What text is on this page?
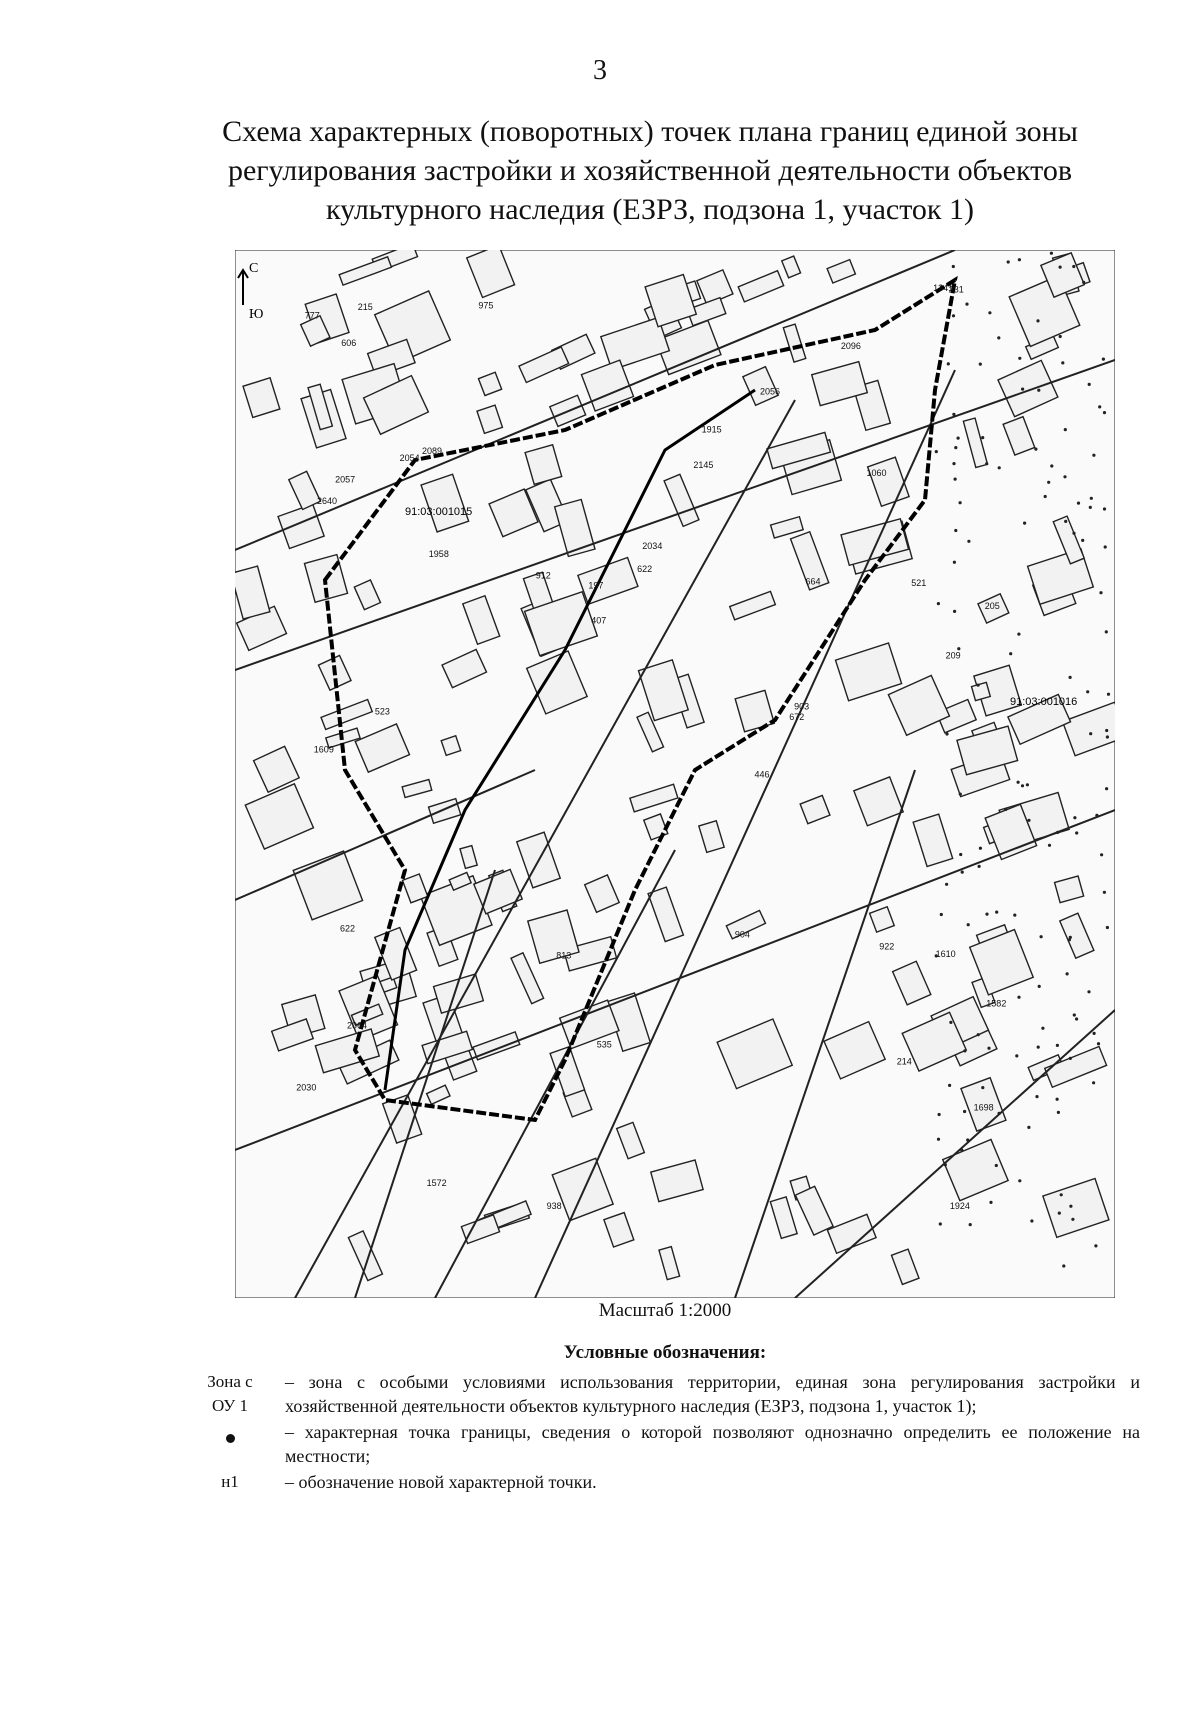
3
Схема характерных (поворотных) точек плана границ единой зоны
регулирования застройки и хозяйственной деятельности объектов
культурного наследия (ЕЗРЗ, подзона 1, участок 1)
С
Ю
2145
2057
2054
1958
1924
1582
1610
1609
1060
2064
2056
1698
2030
2089
2096
2640
1341
1915
2034
1572
672
664
912
622
622
903
975
922
904
938
813
407
523
777
535
214
215
205
209
231
197
446
521
606
91:03:001015
91:03:001016
Масштаб 1:2000
Условные обозначения:
Зона с
ОУ 1
– зона с особыми условиями использования территории, единая зона регулирования застройки и хозяйственной деятельности объектов культурного наследия (ЕЗРЗ, подзона 1, участок 1);
– характерная точка границы, сведения о которой позволяют однозначно определить ее положение на местности;
н1	– обозначение новой характерной точки.
